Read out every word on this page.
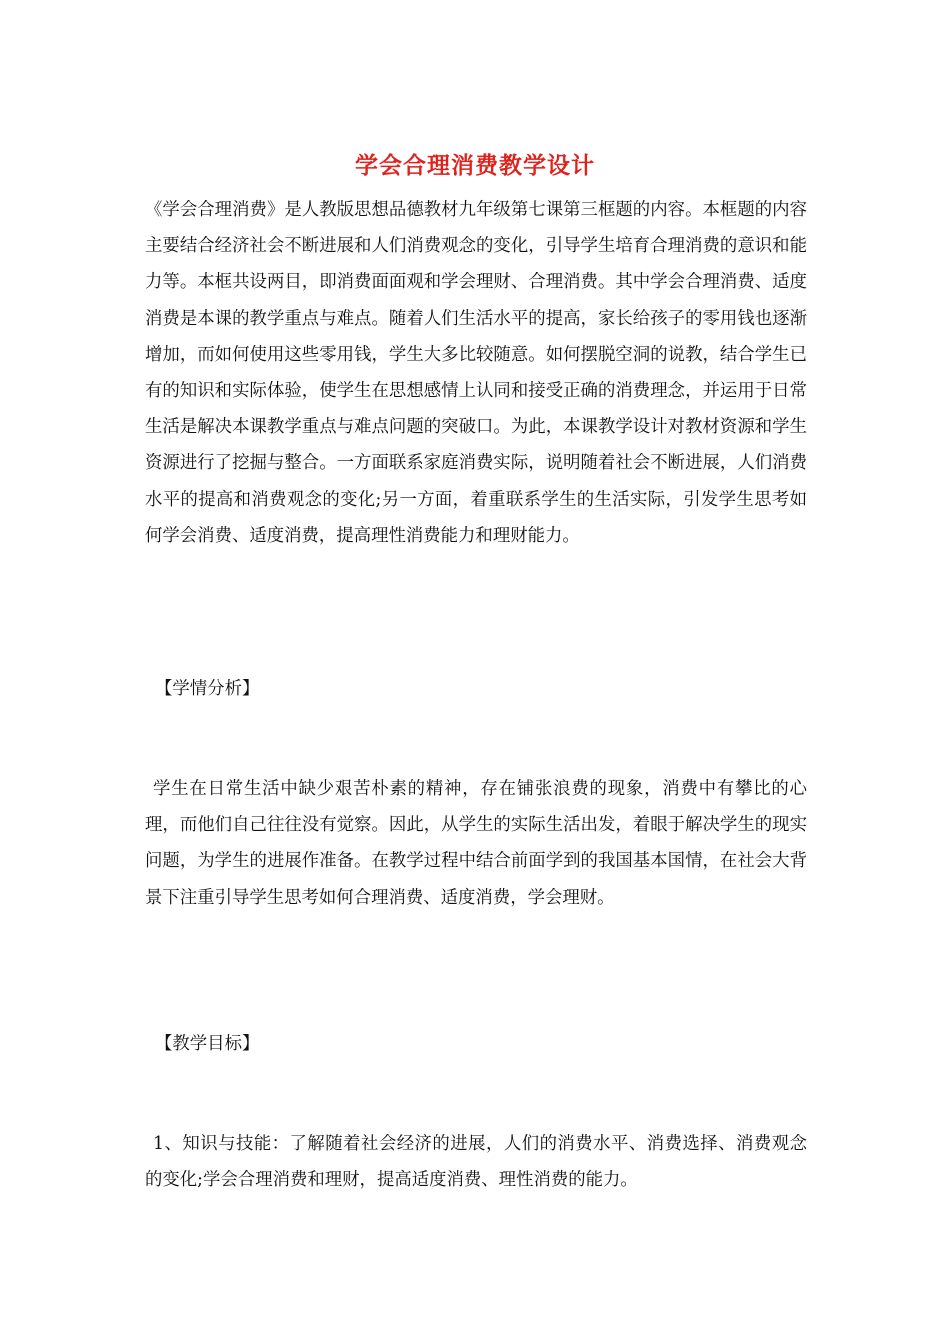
学会合理消费教学设计
《学会合理消费》是人教版思想品德教材九年级第七课第三框题的内容。本框题的内容主要结合经济社会不断进展和人们消费观念的变化，引导学生培育合理消费的意识和能力等。本框共设两目，即消费面面观和学会理财、合理消费。其中学会合理消费、适度消费是本课的教学重点与难点。随着人们生活水平的提高，家长给孩子的零用钱也逐渐增加，而如何使用这些零用钱，学生大多比较随意。如何摆脱空洞的说教，结合学生已有的知识和实际体验，使学生在思想感情上认同和接受正确的消费理念，并运用于日常生活是解决本课教学重点与难点问题的突破口。为此，本课教学设计对教材资源和学生资源进行了挖掘与整合。一方面联系家庭消费实际，说明随着社会不断进展，人们消费水平的提高和消费观念的变化;另一方面，着重联系学生的生活实际，引发学生思考如何学会消费、适度消费，提高理性消费能力和理财能力。
【学情分析】
学生在日常生活中缺少艰苦朴素的精神，存在铺张浪费的现象，消费中有攀比的心理，而他们自己往往没有觉察。因此，从学生的实际生活出发，着眼于解决学生的现实问题，为学生的进展作准备。在教学过程中结合前面学到的我国基本国情，在社会大背景下注重引导学生思考如何合理消费、适度消费，学会理财。
【教学目标】
1、知识与技能：了解随着社会经济的进展，人们的消费水平、消费选择、消费观念的变化;学会合理消费和理财，提高适度消费、理性消费的能力。
